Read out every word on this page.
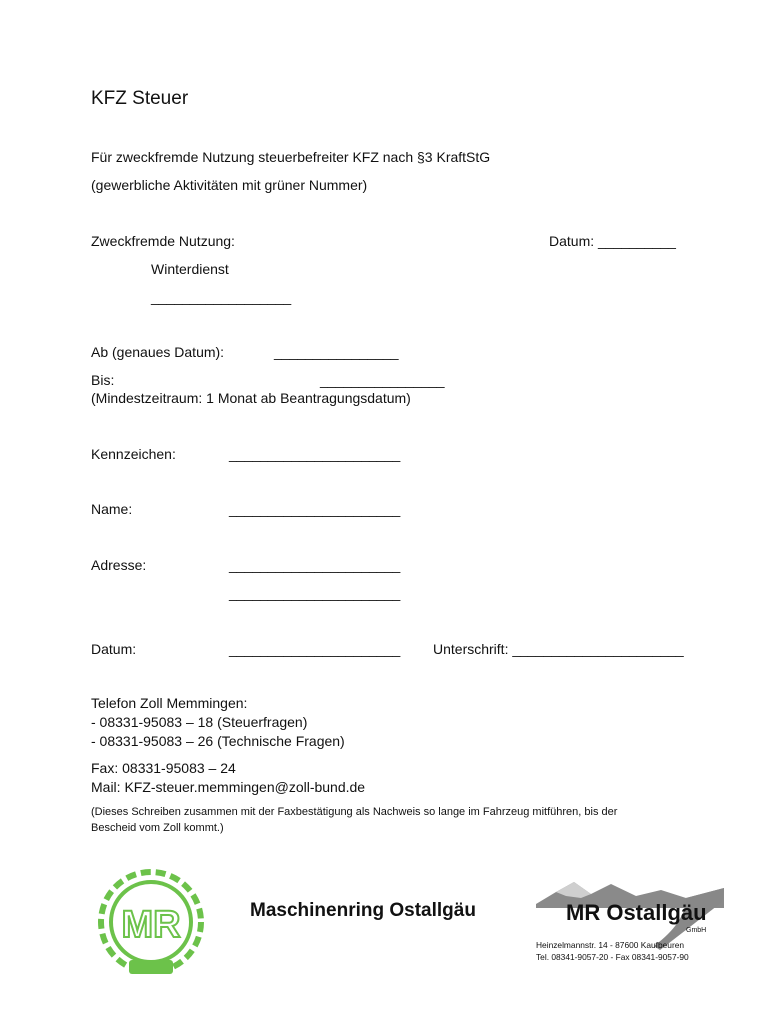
KFZ Steuer
Für zweckfremde Nutzung steuerbefreiter KFZ nach §3 KraftStG
(gewerbliche Aktivitäten mit grüner Nummer)
Zweckfremde Nutzung:	Datum: __________
Winterdienst
__________________
Ab (genaues Datum):	________________
Bis:	________________
(Mindestzeitraum: 1 Monat ab Beantragungsdatum)
Kennzeichen:	______________________
Name:	______________________
Adresse:	______________________
______________________
Datum:	______________________ Unterschrift: ______________________
Telefon Zoll Memmingen:
- 08331-95083 – 18 (Steuerfragen)
- 08331-95083 – 26 (Technische Fragen)
Fax: 08331-95083 – 24
Mail: KFZ-steuer.memmingen@zoll-bund.de
(Dieses Schreiben zusammen mit der Faxbestätigung als Nachweis so lange im Fahrzeug mitführen, bis der
Bescheid vom Zoll kommt.)
MR	Maschinenring Ostallgäu	MR Ostallgäu
GmbH
Heinzelmannstr. 14 - 87600 Kaufbeuren
Tel. 08341-9057-20 - Fax 08341-9057-90
